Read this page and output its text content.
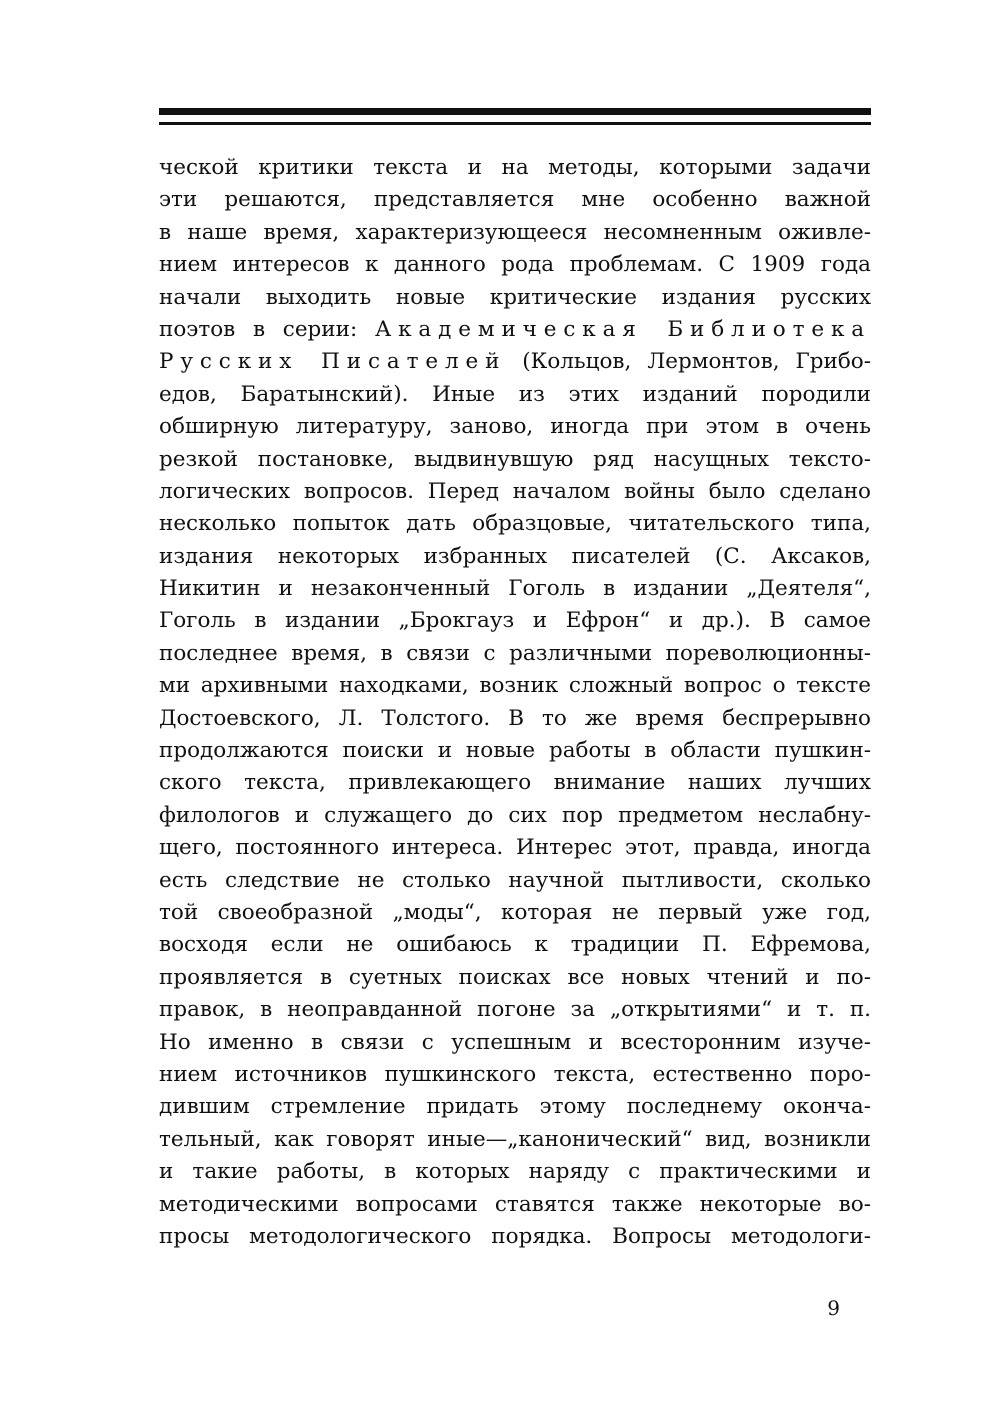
ческой критики текста и на методы, которыми задачи
эти решаются, представляется мне особенно важной
в наше время, характеризующееся несомненным оживле-
нием интересов к данного рода проблемам. С 1909 года
начали выходить новые критические издания русских
поэтов в серии: Академическая Библиотека
Русских Писателей (Кольцов, Лермонтов, Грибо-
едов, Баратынский). Иные из этих изданий породили
обширную литературу, заново, иногда при этом в очень
резкой постановке, выдвинувшую ряд насущных тексто-
логических вопросов. Перед началом войны было сделано
несколько попыток дать образцовые, читательского типа,
издания некоторых избранных писателей (С. Аксаков,
Никитин и незаконченный Гоголь в издании „Деятеля“,
Гоголь в издании „Брокгауз и Ефрон“ и др.). В самое
последнее время, в связи с различными пореволюционны-
ми архивными находками, возник сложный вопрос о тексте
Достоевского, Л. Толстого. В то же время беспрерывно
продолжаются поиски и новые работы в области пушкин-
ского текста, привлекающего внимание наших лучших
филологов и служащего до сих пор предметом неслабну-
щего, постоянного интереса. Интерес этот, правда, иногда
есть следствие не столько научной пытливости, сколько
той своеобразной „моды“, которая не первый уже год,
восходя если не ошибаюсь к традиции П. Ефремова,
проявляется в суетных поисках все новых чтений и по-
правок, в неоправданной погоне за „открытиями“ и т. п.
Но именно в связи с успешным и всесторонним изуче-
нием источников пушкинского текста, естественно поро-
дившим стремление придать этому последнему оконча-
тельный, как говорят иные—„канонический“ вид, возникли
и такие работы, в которых наряду с практическими и
методическими вопросами ставятся также некоторые во-
просы методологического порядка. Вопросы методологи-
9
